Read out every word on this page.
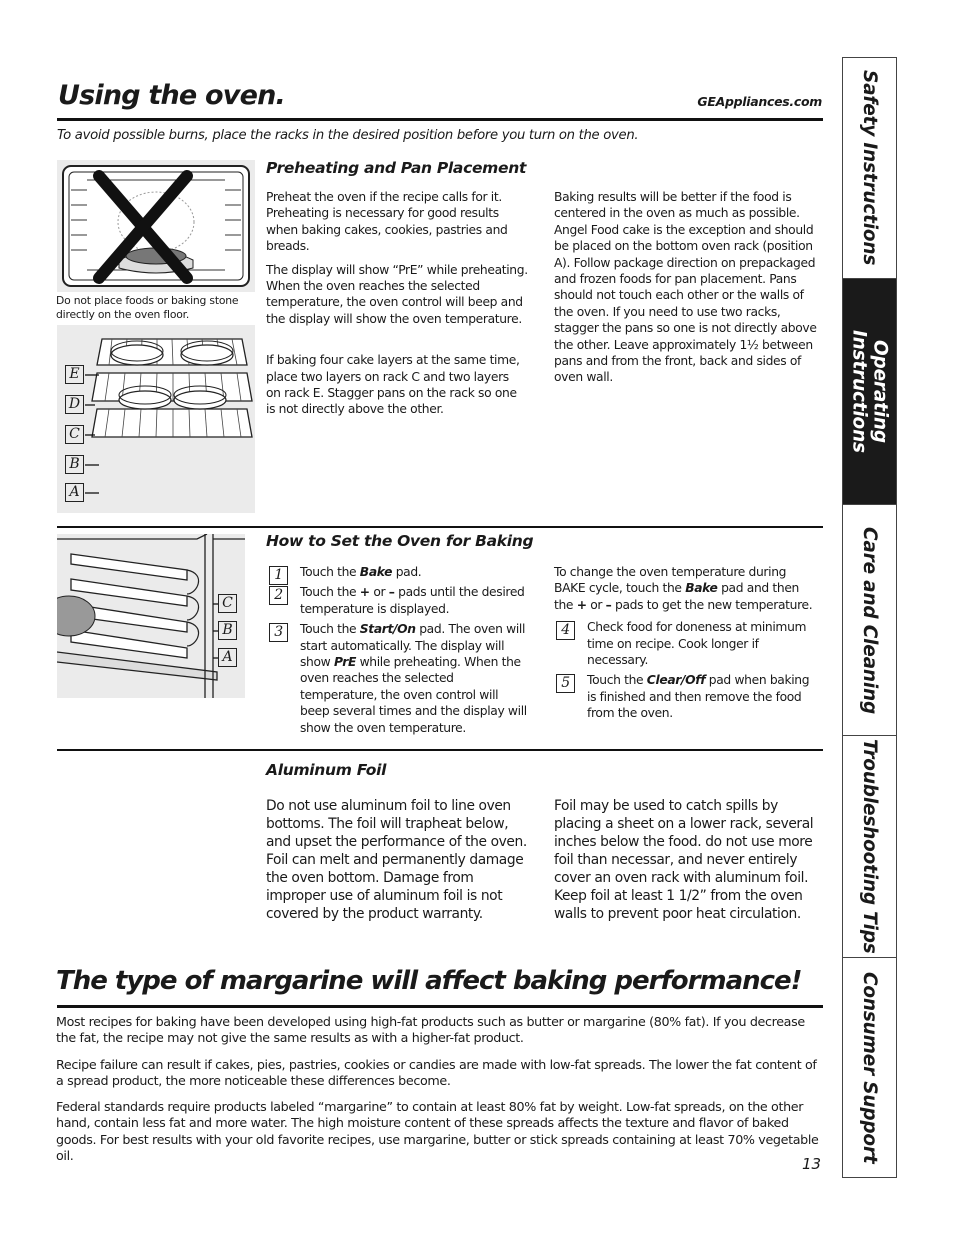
Using the oven.	GEAppliances.com
To avoid possible burns, place the racks in the desired position before you turn on the oven.
Do not place foods or baking stone directly on the oven floor.
E
D
C
B
A
Preheating and Pan Placement

Preheat the oven if the recipe calls for it. Preheating is necessary for good results when baking cakes, cookies, pastries and breads.

The display will show “PrE” while preheating. When the oven reaches the selected temperature, the oven control will beep and the display will show the oven temperature.

If baking four cake layers at the same time, place two layers on rack C and two layers on rack E. Stagger pans on the rack so one is not directly above the other.

Baking results will be better if the food is centered in the oven as much as possible. Angel Food cake is the exception and should be placed on the bottom oven rack (position A). Follow package direction on prepackaged and frozen foods for pan placement. Pans should not touch each other or the walls of the oven. If you need to use two racks, stagger the pans so one is not directly above the other. Leave approximately 1½ between pans and from the front, back and sides of oven wall.

C
B
A
How to Set the Oven for Baking
1	Touch the Bake pad.
2	Touch the + or – pads until the desired temperature is displayed.
3	Touch the Start/On pad. The oven will start automatically. The display will show PrE while preheating. When the oven reaches the selected temperature, the oven control will beep several times and the display will show the oven temperature.

To change the oven temperature during BAKE cycle, touch the Bake pad and then the + or – pads to get the new temperature.

4	Check food for doneness at minimum time on recipe. Cook longer if necessary.
5	Touch the Clear/Off pad when baking is finished and then remove the food from the oven.
Aluminum Foil
Do not use aluminum foil to line oven bottoms. The foil will trapheat below, and upset the performance of the oven. Foil can melt and permanently damage the oven bottom. Damage from improper use of aluminum foil is not covered by the product warranty.
Foil may be used to catch spills by placing a sheet on a lower rack, several inches below the food. do not use more foil than necessar, and never entirely cover an oven rack with aluminum foil. Keep foil at least 1 1/2” from the oven walls to prevent poor heat circulation.
The type of margarine will affect baking performance!

Most recipes for baking have been developed using high-fat products such as butter or margarine (80% fat). If you decrease the fat, the recipe may not give the same results as with a higher-fat product.

Recipe failure can result if cakes, pies, pastries, cookies or candies are made with low-fat spreads. The lower the fat content of a spread product, the more noticeable these differences become.

Federal standards require products labeled “margarine” to contain at least 80% fat by weight. Low-fat spreads, on the other hand, contain less fat and more water. The high moisture content of these spreads affects the texture and flavor of baked goods. For best results with your old favorite recipes, use margarine, butter or stick spreads containing at least 70% vegetable oil.	13
Safety Instructions
Operating Instructions
Care and Cleaning
Troubleshooting Tips
Consumer Support
